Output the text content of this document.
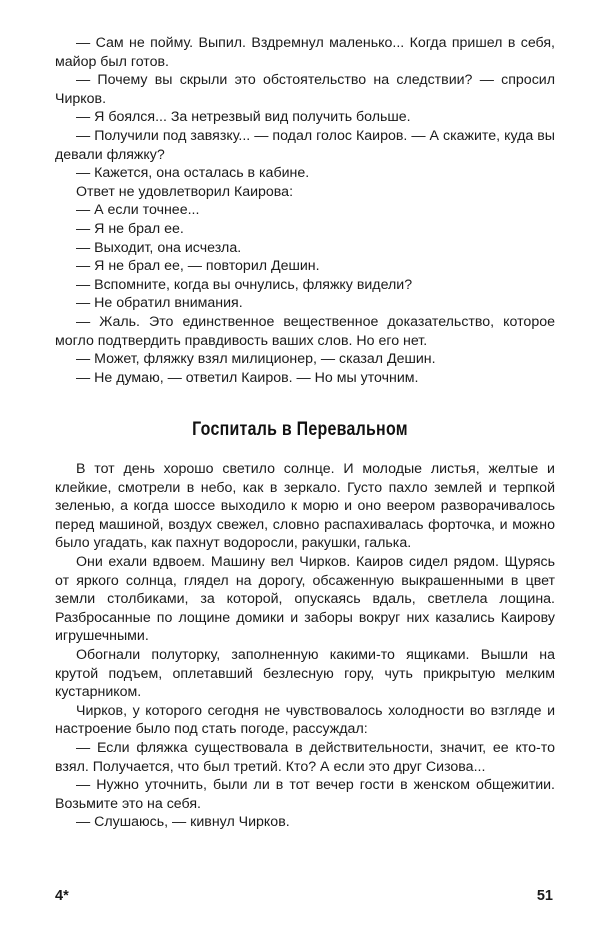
— Сам не пойму. Выпил. Вздремнул маленько... Когда пришел в себя, майор был готов.

— Почему вы скрыли это обстоятельство на следствии? — спросил Чирков.

— Я боялся... За нетрезвый вид получить больше.

— Получили под завязку... — подал голос Каиров. — А скажите, куда вы девали фляжку?

— Кажется, она осталась в кабине.

Ответ не удовлетворил Каирова:

— А если точнее...

— Я не брал ее.

— Выходит, она исчезла.

— Я не брал ее, — повторил Дешин.

— Вспомните, когда вы очнулись, фляжку видели?

— Не обратил внимания.

— Жаль. Это единственное вещественное доказательство, которое могло подтвердить правдивость ваших слов. Но его нет.

— Может, фляжку взял милиционер, — сказал Дешин.

— Не думаю, — ответил Каиров. — Но мы уточним.

Госпиталь в Перевальном

В тот день хорошо светило солнце. И молодые листья, желтые и клейкие, смотрели в небо, как в зеркало. Густо пахло землей и терпкой зеленью, а когда шоссе выходило к морю и оно веером разворачивалось перед машиной, воздух свежел, словно распахивалась форточка, и можно было угадать, как пахнут водоросли, ракушки, галька.

Они ехали вдвоем. Машину вел Чирков. Каиров сидел рядом. Щурясь от яркого солнца, глядел на дорогу, обсаженную выкрашенными в цвет земли столбиками, за которой, опускаясь вдаль, светлела лощина. Разбросанные по лощине домики и заборы вокруг них казались Каирову игрушечными.

Обогнали полуторку, заполненную какими-то ящиками. Вышли на крутой подъем, оплетавший безлесную гору, чуть прикрытую мелким кустарником.

Чирков, у которого сегодня не чувствовалось холодности во взгляде и настроение было под стать погоде, рассуждал:

— Если фляжка существовала в действительности, значит, ее кто-то взял. Получается, что был третий. Кто? А если это друг Сизова...

— Нужно уточнить, были ли в тот вечер гости в женском общежитии. Возьмите это на себя.

— Слушаюсь, — кивнул Чирков.

4*	51
